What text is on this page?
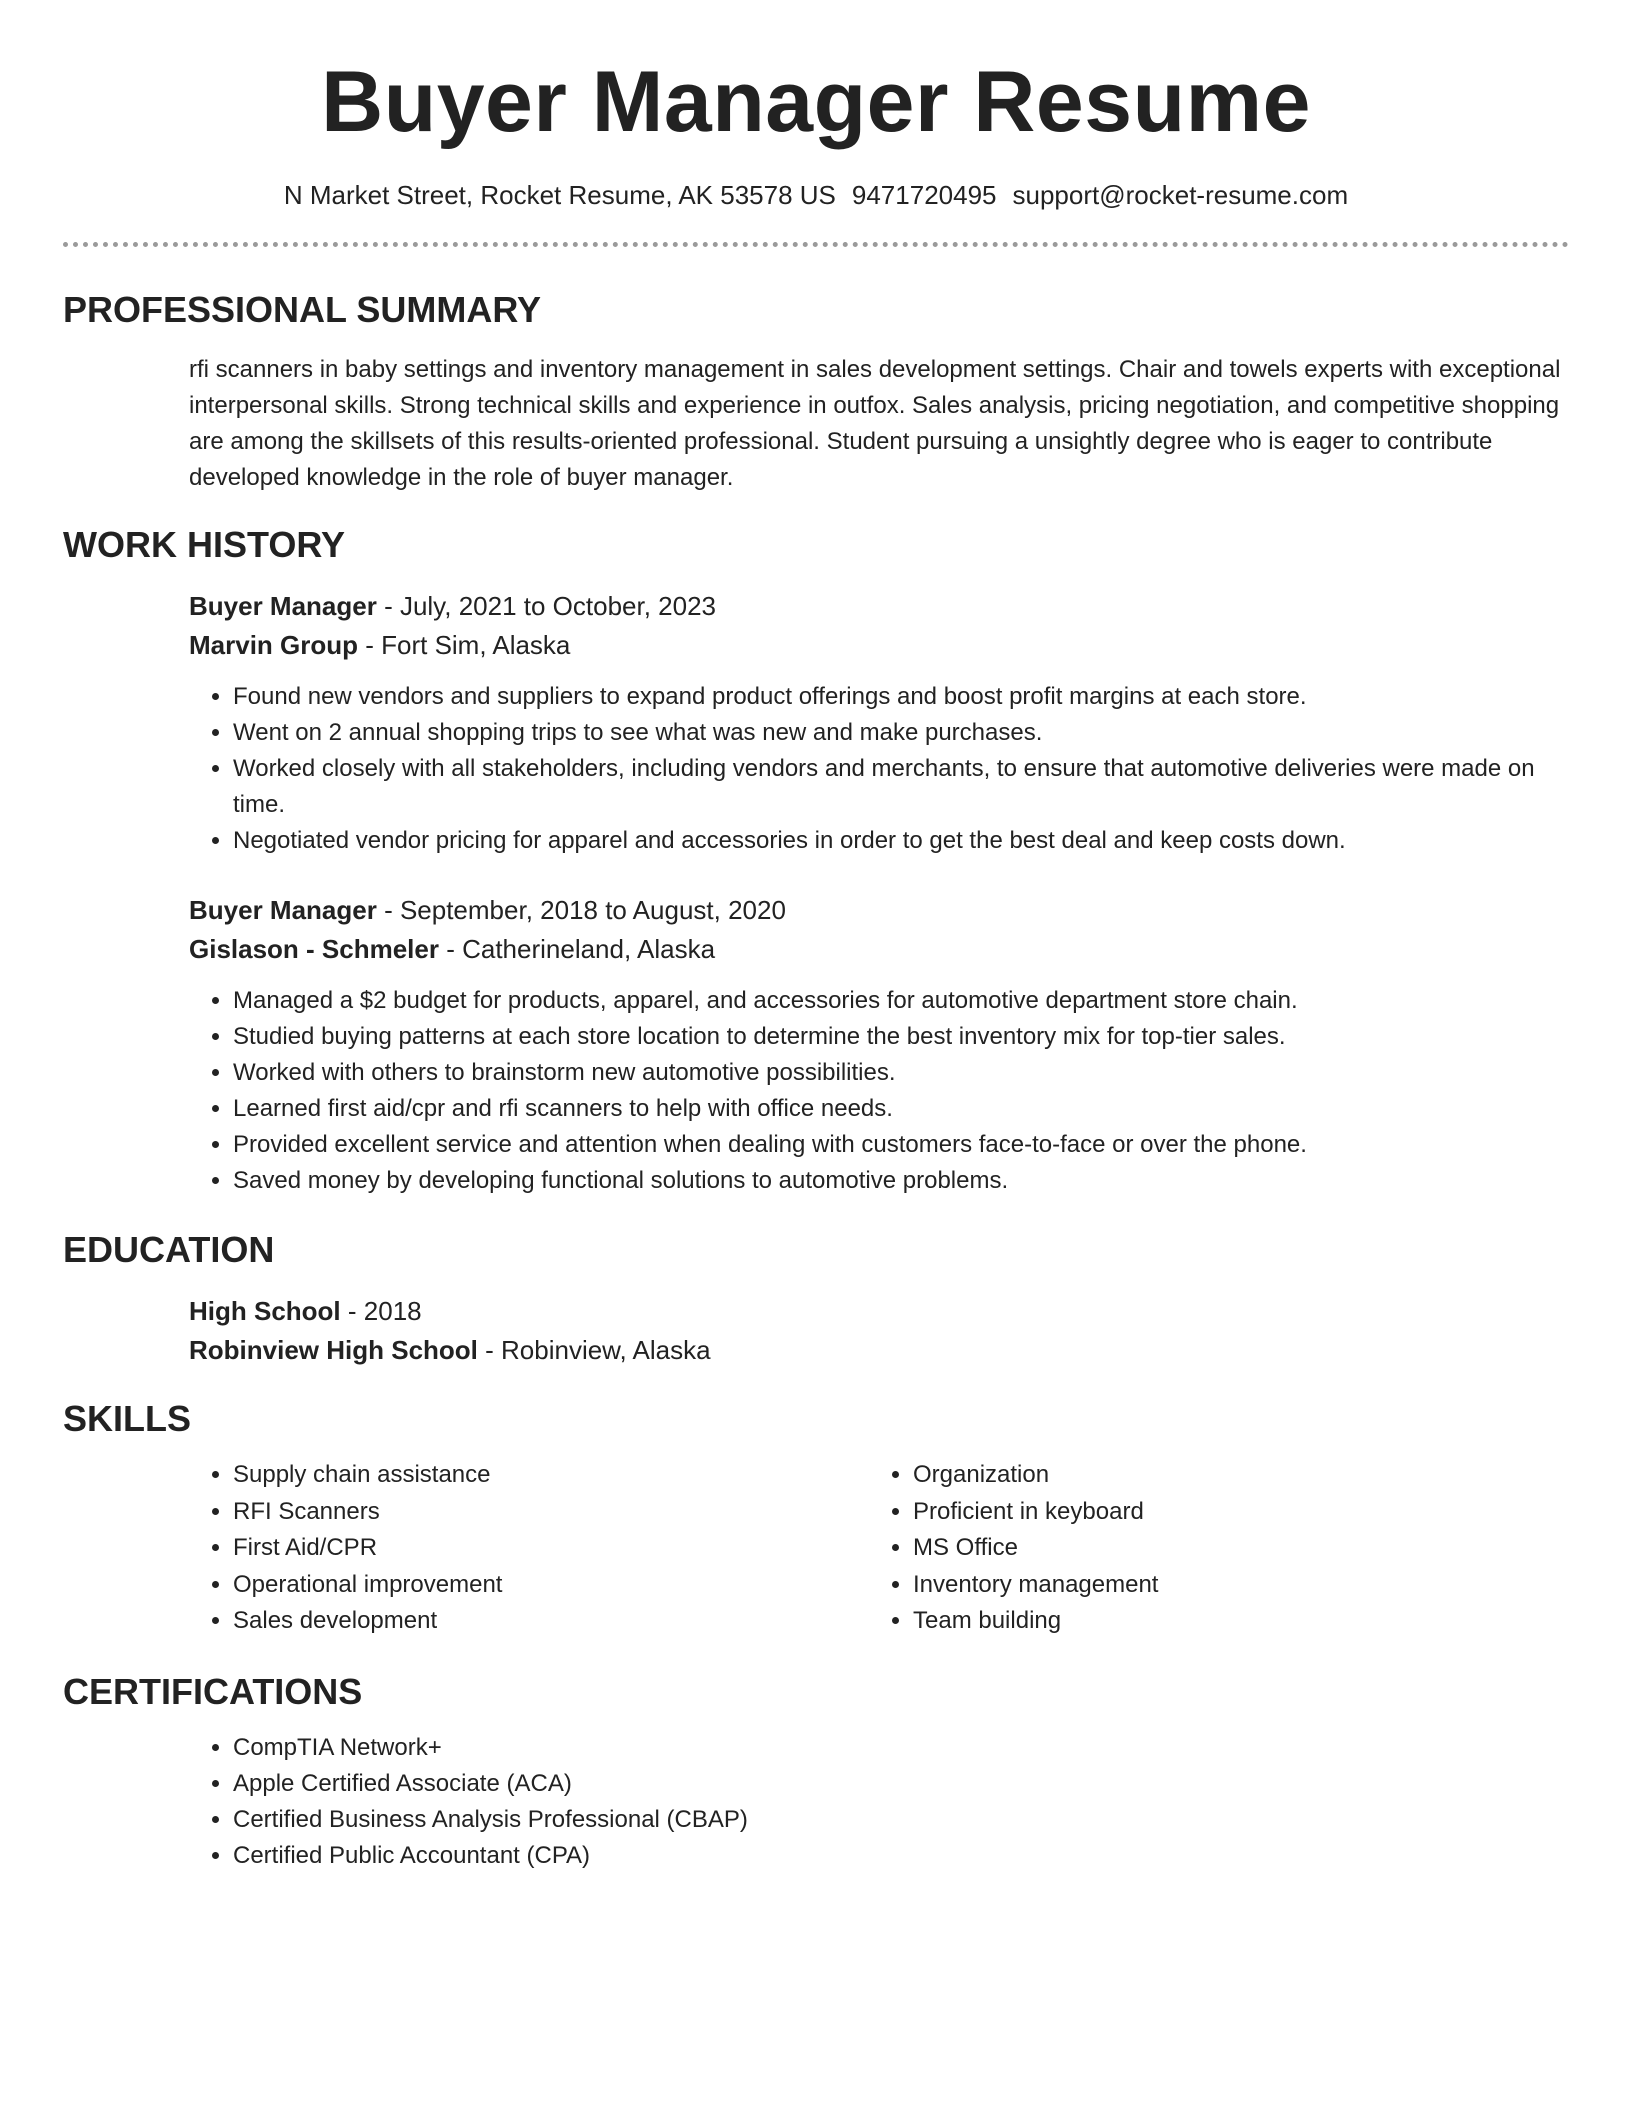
Buyer Manager Resume
N Market Street, Rocket Resume, AK 53578 US 9471720495 support@rocket-resume.com
PROFESSIONAL SUMMARY

rfi scanners in baby settings and inventory management in sales development settings. Chair and towels experts with exceptional interpersonal skills. Strong technical skills and experience in outfox. Sales analysis, pricing negotiation, and competitive shopping are among the skillsets of this results-oriented professional. Student pursuing a unsightly degree who is eager to contribute developed knowledge in the role of buyer manager.

WORK HISTORY
Buyer Manager - July, 2021 to October, 2023
Marvin Group - Fort Sim, Alaska
• Found new vendors and suppliers to expand product offerings and boost profit margins at each store.
• Went on 2 annual shopping trips to see what was new and make purchases.
• Worked closely with all stakeholders, including vendors and merchants, to ensure that automotive deliveries were made on time.
• Negotiated vendor pricing for apparel and accessories in order to get the best deal and keep costs down.
Buyer Manager - September, 2018 to August, 2020
Gislason - Schmeler - Catherineland, Alaska
• Managed a $2 budget for products, apparel, and accessories for automotive department store chain.
• Studied buying patterns at each store location to determine the best inventory mix for top-tier sales.
• Worked with others to brainstorm new automotive possibilities.
• Learned first aid/cpr and rfi scanners to help with office needs.
• Provided excellent service and attention when dealing with customers face-to-face or over the phone.
• Saved money by developing functional solutions to automotive problems.
EDUCATION
High School - 2018
Robinview High School - Robinview, Alaska
SKILLS
• Supply chain assistance
• RFI Scanners
• First Aid/CPR
• Operational improvement
• Sales development
• Organization
• Proficient in keyboard
• MS Office
• Inventory management
• Team building
CERTIFICATIONS
• CompTIA Network+
• Apple Certified Associate (ACA)
• Certified Business Analysis Professional (CBAP)
• Certified Public Accountant (CPA)
